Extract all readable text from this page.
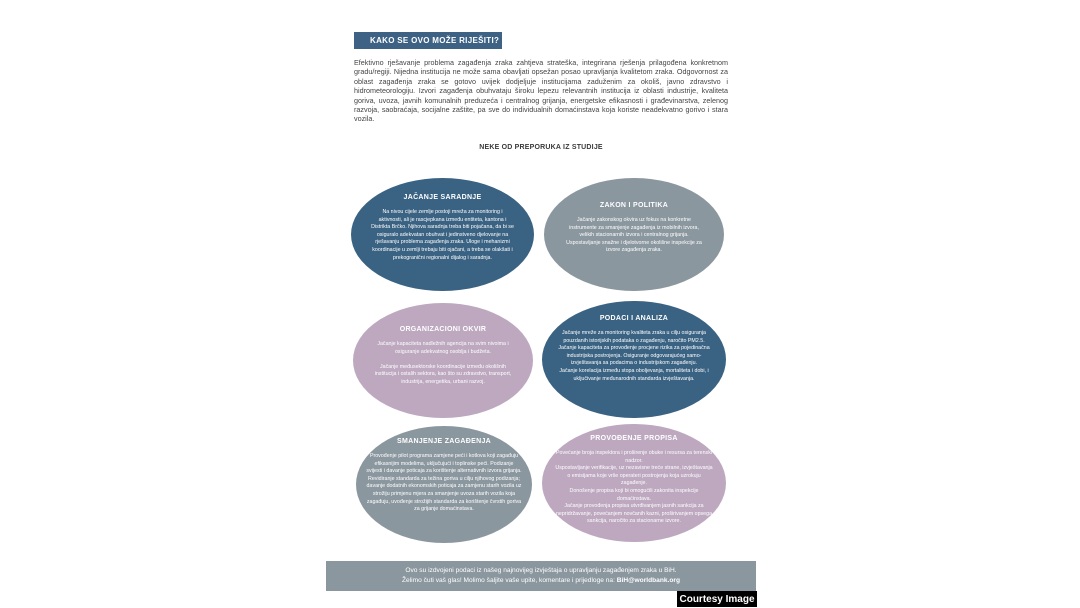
KAKO SE OVO MOŽE RIJEŠITI?

Efektivno rješavanje problema zagađenja zraka zahtjeva strateška, integrirana rješenja prilagođena konkretnom gradu/regiji. Nijedna institucija ne može sama obavljati opsežan posao upravljanja kvalitetom zraka. Odgovornost za oblast zagađenja zraka se gotovo uvijek dodjeljuje institucijama zaduženim za okoliš, javno zdravstvo i hidrometeorologiju. Izvori zagađenja obuhvataju široku lepezu relevantnih institucija iz oblasti industrije, kvaliteta goriva, uvoza, javnih komunalnih preduzeća i centralnog grijanja, energetske efikasnosti i građevinarstva, zelenog razvoja, saobraćaja, socijalne zaštite, pa sve do individualnih domaćinstava koja koriste neadekvatno gorivo i stara vozila.

NEKE OD PREPORUKA IZ STUDIJE
JAČANJE SARADNJE

Na nivou cijele zemlje postoji mreža za monitoring i aktivnosti, ali je rascjepkana između entiteta, kantona i Distrikta Brčko. Njihova saradnja treba biti pojačana, da bi se osiguralo adekvatan obuhvat i jedinstveno djelovanje na rješavanju problema zagađenja zraka. Uloge i mehanizmi koordinacije u zemlji trebaju biti ojačani, a treba se olakšati i prekogranični regionalni dijalog i saradnja.

ZAKON I POLITIKA

Jačanje zakonskog okvira uz fokus na konkretne instrumente za smanjenje zagađenja iz mobilnih izvora, velikih stacionarnih izvora i centralnog grijanja. Uspostavljanje snažne i djelotvorne okolišne inspekcije za izvore zagađenja zraka.

ORGANIZACIONI OKVIR

Jačanje kapaciteta nadležnih agencija na svim nivoima i osiguranje adekvatnog osoblja i budžeta.

Jačanje međusektorske koordinacije između okolišnih institucija i ostalih sektora, kao što su zdravstvo, transport, industrija, energetika, urbani razvoj.

PODACI I ANALIZA

Jačanje mreže za monitoring kvaliteta zraka u cilju osiguranja pouzdanih istorijskih podataka o zagađenju, naročito PM2.5.
Jačanje kapaciteta za provođenje procjene rizika za pojedinačna industrijska postrojenja. Osiguranje odgovarajućeg samo-izvještavanja sa podacima o industrijskom zagađenju.
Jačanje korelacija između stopa oboljevanja, mortaliteta i dobi, i uključivanje međunarodnih standarda izvještavanja.

SMANJENJE ZAGAĐENJA

Provođenje pilot programa zamjene peći i kotlova koji zagađuju efikasnijim modelima, uključujući i toplinske peći. Podizanje svijesti i davanje poticaja za korištenje alternativnih izvora grijanja.
Revidiranje standarda za težina goriva u cilju njihovog podizanja; davanje dodatnih ekonomskih poticaja za zamjenu starih vozila uz strožiju primjenu mjera za smanjenje uvoza starih vozila koja zagađuju, uvođenje strožijih standarda za korištenje čvrstih goriva za grijanje domaćinstava.

PROVOĐENJE PROPISA

Povećanje broja inspektora i proširenje obuke i resursa za terenski nadzor.
Uspostavljanje verifikacije, uz nezavisne treće strane, izvještavanja o emisijama koje vrše operateri postrojenja koja uzrokuju zagađenje.
Donošenje propisa koji bi omogućili zakonita inspekcije domaćinstava.
Jačanje provođenja propisa utvrđivanjem jasnih sankcija za nepridržavanje, povećanjem novčanih kazni, proširivanjem opsega sankcija, naročito za stacionarne izvore.

Ovo su izdvojeni podaci iz našeg najnovijeg izvještaja o upravljanju zagađenjem zraka u BiH.
Želimo čuti vaš glas! Molimo šaljite vaše upite, komentare i prijedloge na: BiH@worldbank.org
Courtesy Image
